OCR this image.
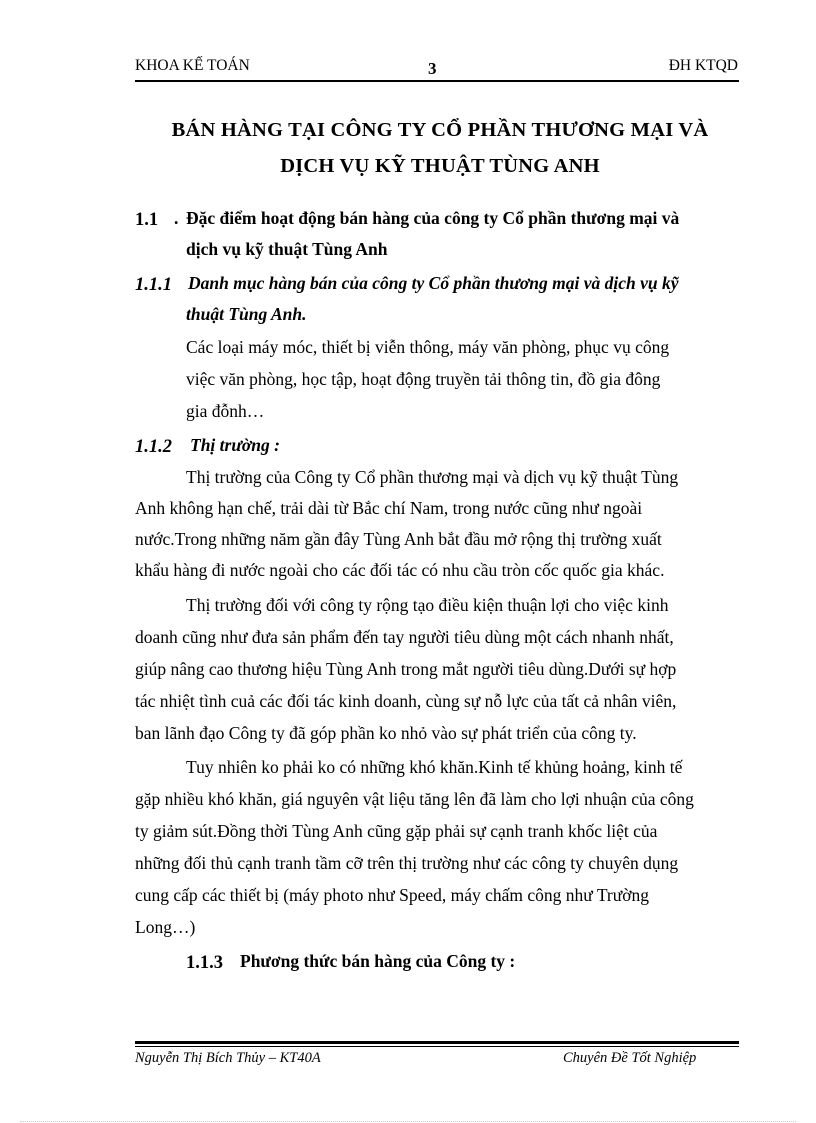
KHOA KẾ TOÁN	3	ĐH KTQD
BÁN HÀNG TẠI CÔNG TY CỔ PHẦN THƯƠNG MẠI VÀ
DỊCH VỤ KỸ THUẬT TÙNG ANH
1.1 . Đặc điểm hoạt động bán hàng của công ty Cổ phần thương mại và
dịch vụ kỹ thuật Tùng Anh
1.1.1 Danh mục hàng bán của công ty Cổ phần thương mại và dịch vụ kỹ
thuật Tùng Anh.
Các loại máy móc, thiết bị viễn thông, máy văn phòng, phục vụ công
việc văn phòng, học tập, hoạt động truyền tải thông tin, đồ gia đông
gia đỗnh…
1.1.2 Thị trường :
Thị trường của Công ty Cổ phần thương mại và dịch vụ kỹ thuật Tùng
Anh không hạn chế, trải dài từ Bắc chí Nam, trong nước cũng như ngoài
nước.Trong những năm gần đây Tùng Anh bắt đầu mở rộng thị trường xuất
khẩu hàng đi nước ngoài cho các đối tác có nhu cầu tròn cốc quốc gia khác.
Thị trường đối với công ty rộng tạo điều kiện thuận lợi cho việc kinh
doanh cũng như đưa sản phẩm đến tay người tiêu dùng một cách nhanh nhất,
giúp nâng cao thương hiệu Tùng Anh trong mắt người tiêu dùng.Dưới sự hợp
tác nhiệt tình cuả các đối tác kinh doanh, cùng sự nỗ lực của tất cả nhân viên,
ban lãnh đạo Công ty đã góp phần ko nhỏ vào sự phát triển của công ty.
Tuy nhiên ko phải ko có những khó khăn.Kinh tế khủng hoảng, kinh tế
gặp nhiều khó khăn, giá nguyên vật liệu tăng lên đã làm cho lợi nhuận của công
ty giảm sút.Đồng thời Tùng Anh cũng gặp phải sự cạnh tranh khốc liệt của
những đối thủ cạnh tranh tầm cỡ trên thị trường như các công ty chuyên dụng
cung cấp các thiết bị (máy photo như Speed, máy chấm công như Trường
Long…)
1.1.3 Phương thức bán hàng của Công ty :
Nguyễn Thị Bích Thủy – KT40A	Chuyên Đề Tốt Nghiệp
